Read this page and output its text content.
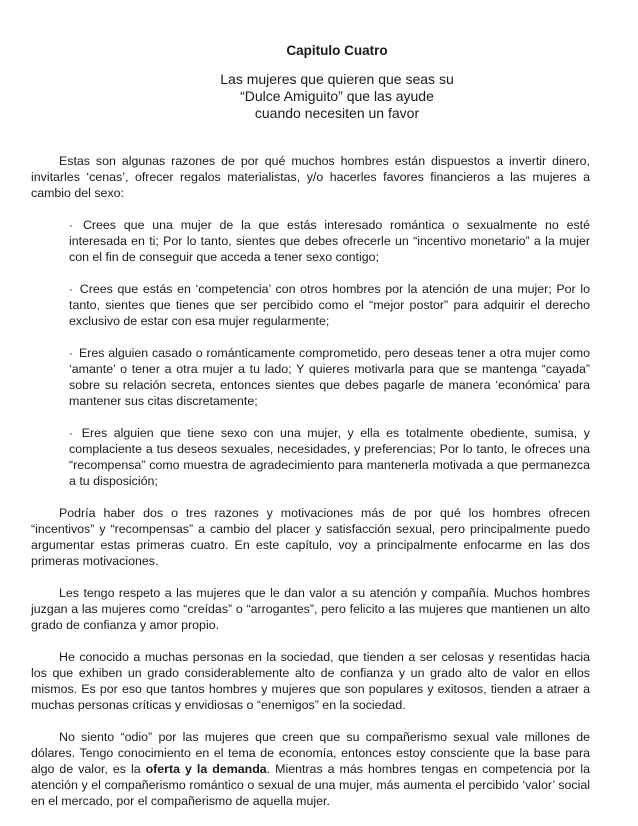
Capitulo Cuatro
Las mujeres que quieren que seas su
“Dulce Amiguito” que las ayude
cuando necesiten un favor

Estas son algunas razones de por qué muchos hombres están dispuestos a invertir dinero, invitarles ‘cenas’, ofrecer regalos materialistas, y/o hacerles favores financieros a las mujeres a cambio del sexo:

· Crees que una mujer de la que estás interesado romántica o sexualmente no esté interesada en ti; Por lo tanto, sientes que debes ofrecerle un “incentivo monetario” a la mujer con el fin de conseguir que acceda a tener sexo contigo;
· Crees que estás en ‘competencia’ con otros hombres por la atención de una mujer; Por lo tanto, sientes que tienes que ser percibido como el “mejor postor” para adquirir el derecho exclusivo de estar con esa mujer regularmente;
· Eres alguien casado o románticamente comprometido, pero deseas tener a otra mujer como ‘amante’ o tener a otra mujer a tu lado; Y quieres motivarla para que se mantenga “cayada” sobre su relación secreta, entonces sientes que debes pagarle de manera ‘económica’ para mantener sus citas discretamente;
· Eres alguien que tiene sexo con una mujer, y ella es totalmente obediente, sumisa, y complaciente a tus deseos sexuales, necesidades, y preferencias; Por lo tanto, le ofreces una “recompensa” como muestra de agradecimiento para mantenerla motivada a que permanezca a tu disposición;

Podría haber dos o tres razones y motivaciones más de por qué los hombres ofrecen “incentivos” y “recompensas” a cambio del placer y satisfacción sexual, pero principalmente puedo argumentar estas primeras cuatro. En este capítulo, voy a principalmente enfocarme en las dos primeras motivaciones.

Les tengo respeto a las mujeres que le dan valor a su atención y compañía. Muchos hombres juzgan a las mujeres como “creídas” o “arrogantes”, pero felicito a las mujeres que mantienen un alto grado de confianza y amor propio.

He conocido a muchas personas en la sociedad, que tienden a ser celosas y resentidas hacia los que exhiben un grado considerablemente alto de confianza y un grado alto de valor en ellos mismos. Es por eso que tantos hombres y mujeres que son populares y exitosos, tienden a atraer a muchas personas críticas y envidiosas o “enemigos” en la sociedad.

No siento “odio” por las mujeres que creen que su compañerismo sexual vale millones de dólares. Tengo conocimiento en el tema de economía, entonces estoy consciente que la base para algo de valor, es la oferta y la demanda. Mientras a más hombres tengas en competencia por la atención y el compañerismo romántico o sexual de una mujer, más aumenta el percibido ‘valor’ social en el mercado, por el compañerismo de aquella mujer.
